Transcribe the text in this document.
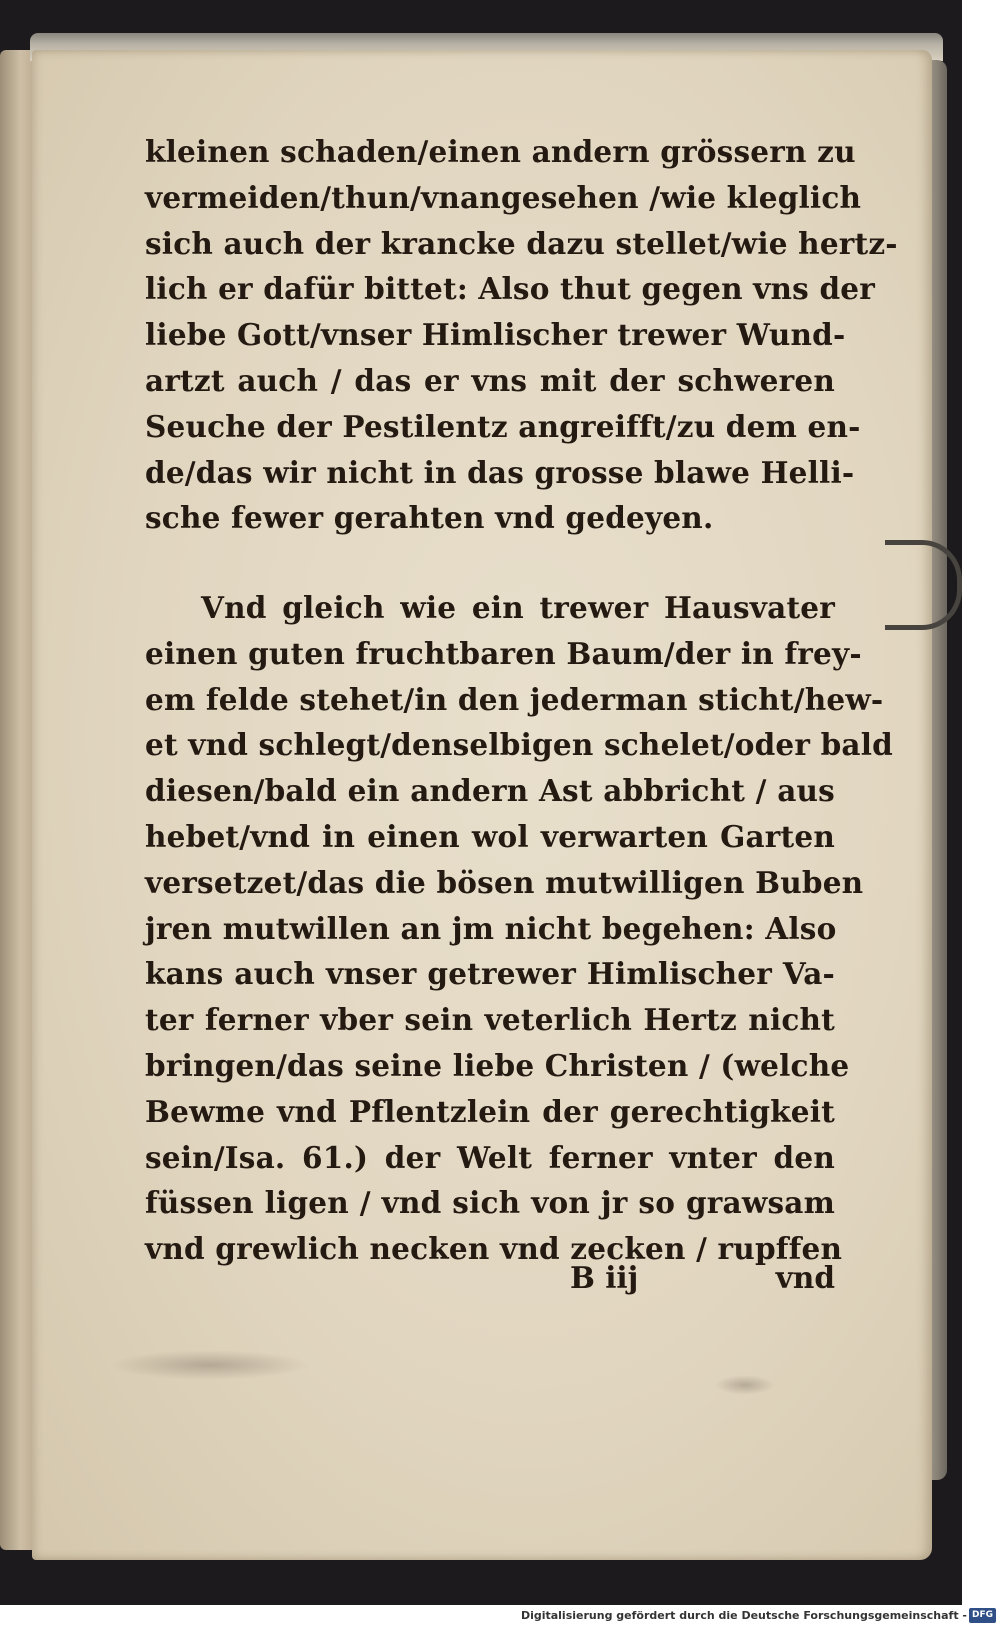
kleinen schaden/einen andern grössern zu
vermeiden/thun/vnangesehen /wie kleglich
sich auch der krancke dazu stellet/wie hertz-
lich er dafür bittet: Also thut gegen vns der
liebe Gott/vnser Himlischer trewer Wund-
artzt auch / das er vns mit der schweren
Seuche der Pestilentz angreifft/zu dem en-
de/das wir nicht in das grosse blawe Helli-
sche fewer gerahten vnd gedeyen.
Vnd gleich wie ein trewer Hausvater
einen guten fruchtbaren Baum/der in frey-
em felde stehet/in den jederman sticht/hew-
et vnd schlegt/denselbigen schelet/oder bald
diesen/bald ein andern Ast abbricht / aus
hebet/vnd in einen wol verwarten Garten
versetzet/das die bösen mutwilligen Buben
jren mutwillen an jm nicht begehen: Also
kans auch vnser getrewer Himlischer Va-
ter ferner vber sein veterlich Hertz nicht
bringen/das seine liebe Christen / (welche
Bewme vnd Pflentzlein der gerechtigkeit
sein/Isa. 61.) der Welt ferner vnter den
füssen ligen / vnd sich von jr so grawsam
vnd grewlich necken vnd zecken / rupffen
B iij	vnd
Digitalisierung gefördert durch die Deutsche Forschungsgemeinschaft - DFG
